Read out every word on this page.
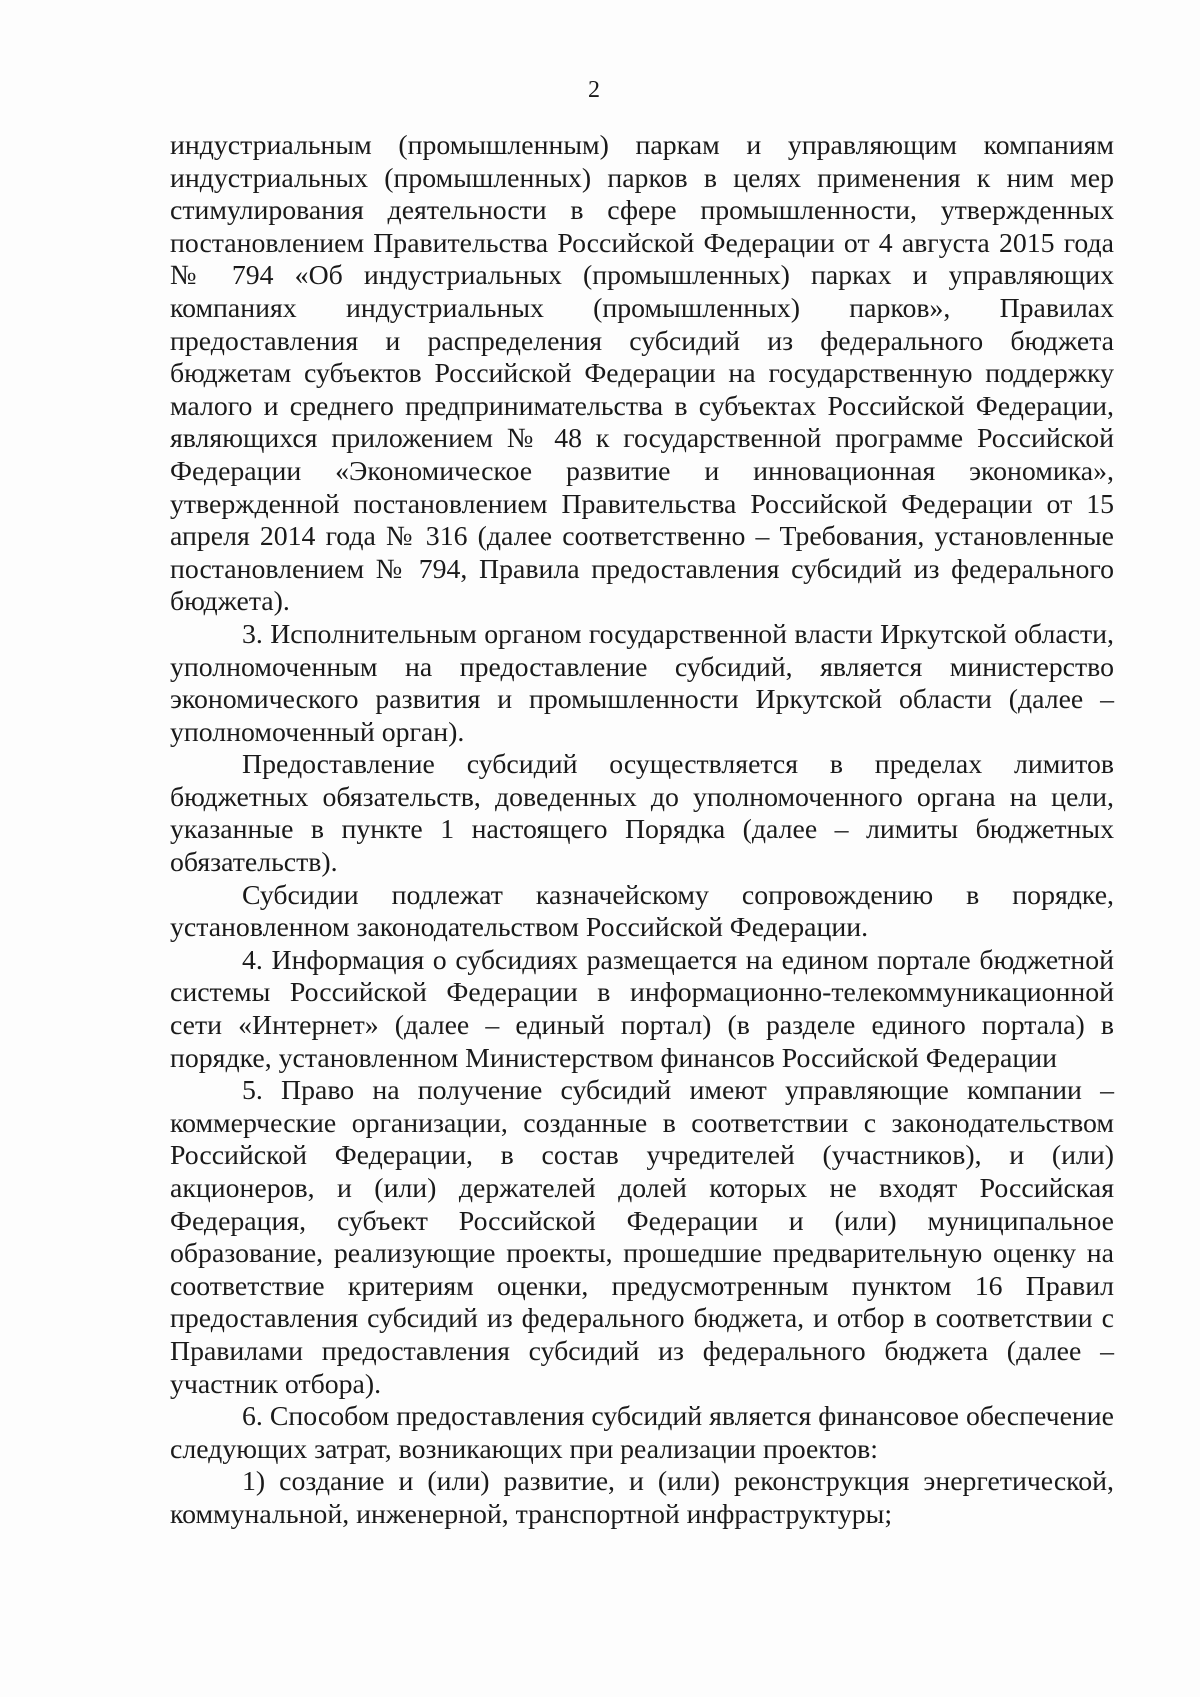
2

индустриальным (промышленным) паркам и управляющим компаниям индустриальных (промышленных) парков в целях применения к ним мер стимулирования деятельности в сфере промышленности, утвержденных постановлением Правительства Российской Федерации от 4 августа 2015 года № 794 «Об индустриальных (промышленных) парках и управляющих компаниях индустриальных (промышленных) парков», Правилах предоставления и распределения субсидий из федерального бюджета бюджетам субъектов Российской Федерации на государственную поддержку малого и среднего предпринимательства в субъектах Российской Федерации, являющихся приложением № 48 к государственной программе Российской Федерации «Экономическое развитие и инновационная экономика», утвержденной постановлением Правительства Российской Федерации от 15 апреля 2014 года № 316 (далее соответственно – Требования, установленные постановлением № 794, Правила предоставления субсидий из федерального бюджета).

3. Исполнительным органом государственной власти Иркутской области, уполномоченным на предоставление субсидий, является министерство экономического развития и промышленности Иркутской области (далее – уполномоченный орган).

Предоставление субсидий осуществляется в пределах лимитов бюджетных обязательств, доведенных до уполномоченного органа на цели, указанные в пункте 1 настоящего Порядка (далее – лимиты бюджетных обязательств).

Субсидии подлежат казначейскому сопровождению в порядке, установленном законодательством Российской Федерации.

4. Информация о субсидиях размещается на едином портале бюджетной системы Российской Федерации в информационно-телекоммуникационной сети «Интернет» (далее – единый портал) (в разделе единого портала) в порядке, установленном Министерством финансов Российской Федерации

5. Право на получение субсидий имеют управляющие компании – коммерческие организации, созданные в соответствии с законодательством Российской Федерации, в состав учредителей (участников), и (или) акционеров, и (или) держателей долей которых не входят Российская Федерация, субъект Российской Федерации и (или) муниципальное образование, реализующие проекты, прошедшие предварительную оценку на соответствие критериям оценки, предусмотренным пунктом 16 Правил предоставления субсидий из федерального бюджета, и отбор в соответствии с Правилами предоставления субсидий из федерального бюджета (далее – участник отбора).

6. Способом предоставления субсидий является финансовое обеспечение следующих затрат, возникающих при реализации проектов:

1) создание и (или) развитие, и (или) реконструкция энергетической, коммунальной, инженерной, транспортной инфраструктуры;
